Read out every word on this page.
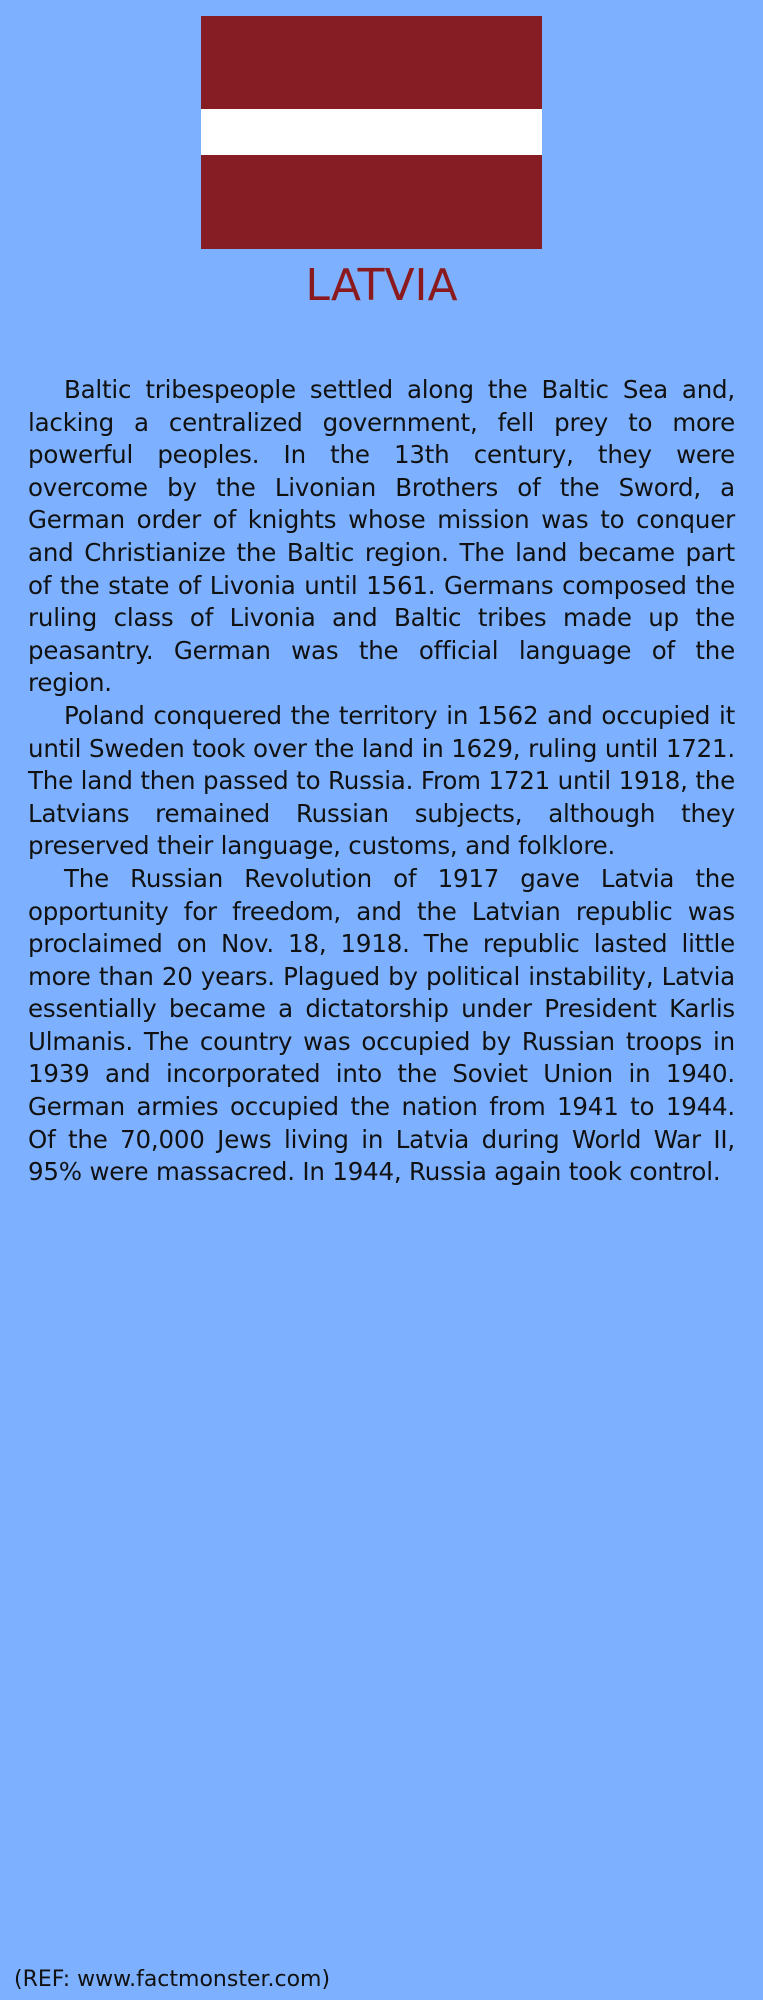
LATVIA

Baltic tribespeople settled along the Baltic Sea and, lacking a centralized government, fell prey to more powerful peoples. In the 13th century, they were overcome by the Livonian Brothers of the Sword, a German order of knights whose mission was to conquer and Christianize the Baltic region. The land became part of the state of Livonia until 1561. Germans composed the ruling class of Livonia and Baltic tribes made up the peasantry. German was the official language of the region.

Poland conquered the territory in 1562 and occupied it until Sweden took over the land in 1629, ruling until 1721. The land then passed to Russia. From 1721 until 1918, the Latvians remained Russian subjects, although they preserved their language, customs, and folklore.

The Russian Revolution of 1917 gave Latvia the opportunity for freedom, and the Latvian republic was proclaimed on Nov. 18, 1918. The republic lasted little more than 20 years. Plagued by political instability, Latvia essentially became a dictatorship under President Karlis Ulmanis. The country was occupied by Russian troops in 1939 and incorporated into the Soviet Union in 1940. German armies occupied the nation from 1941 to 1944. Of the 70,000 Jews living in Latvia during World War II, 95% were massacred. In 1944, Russia again took control.

(REF: www.factmonster.com)
